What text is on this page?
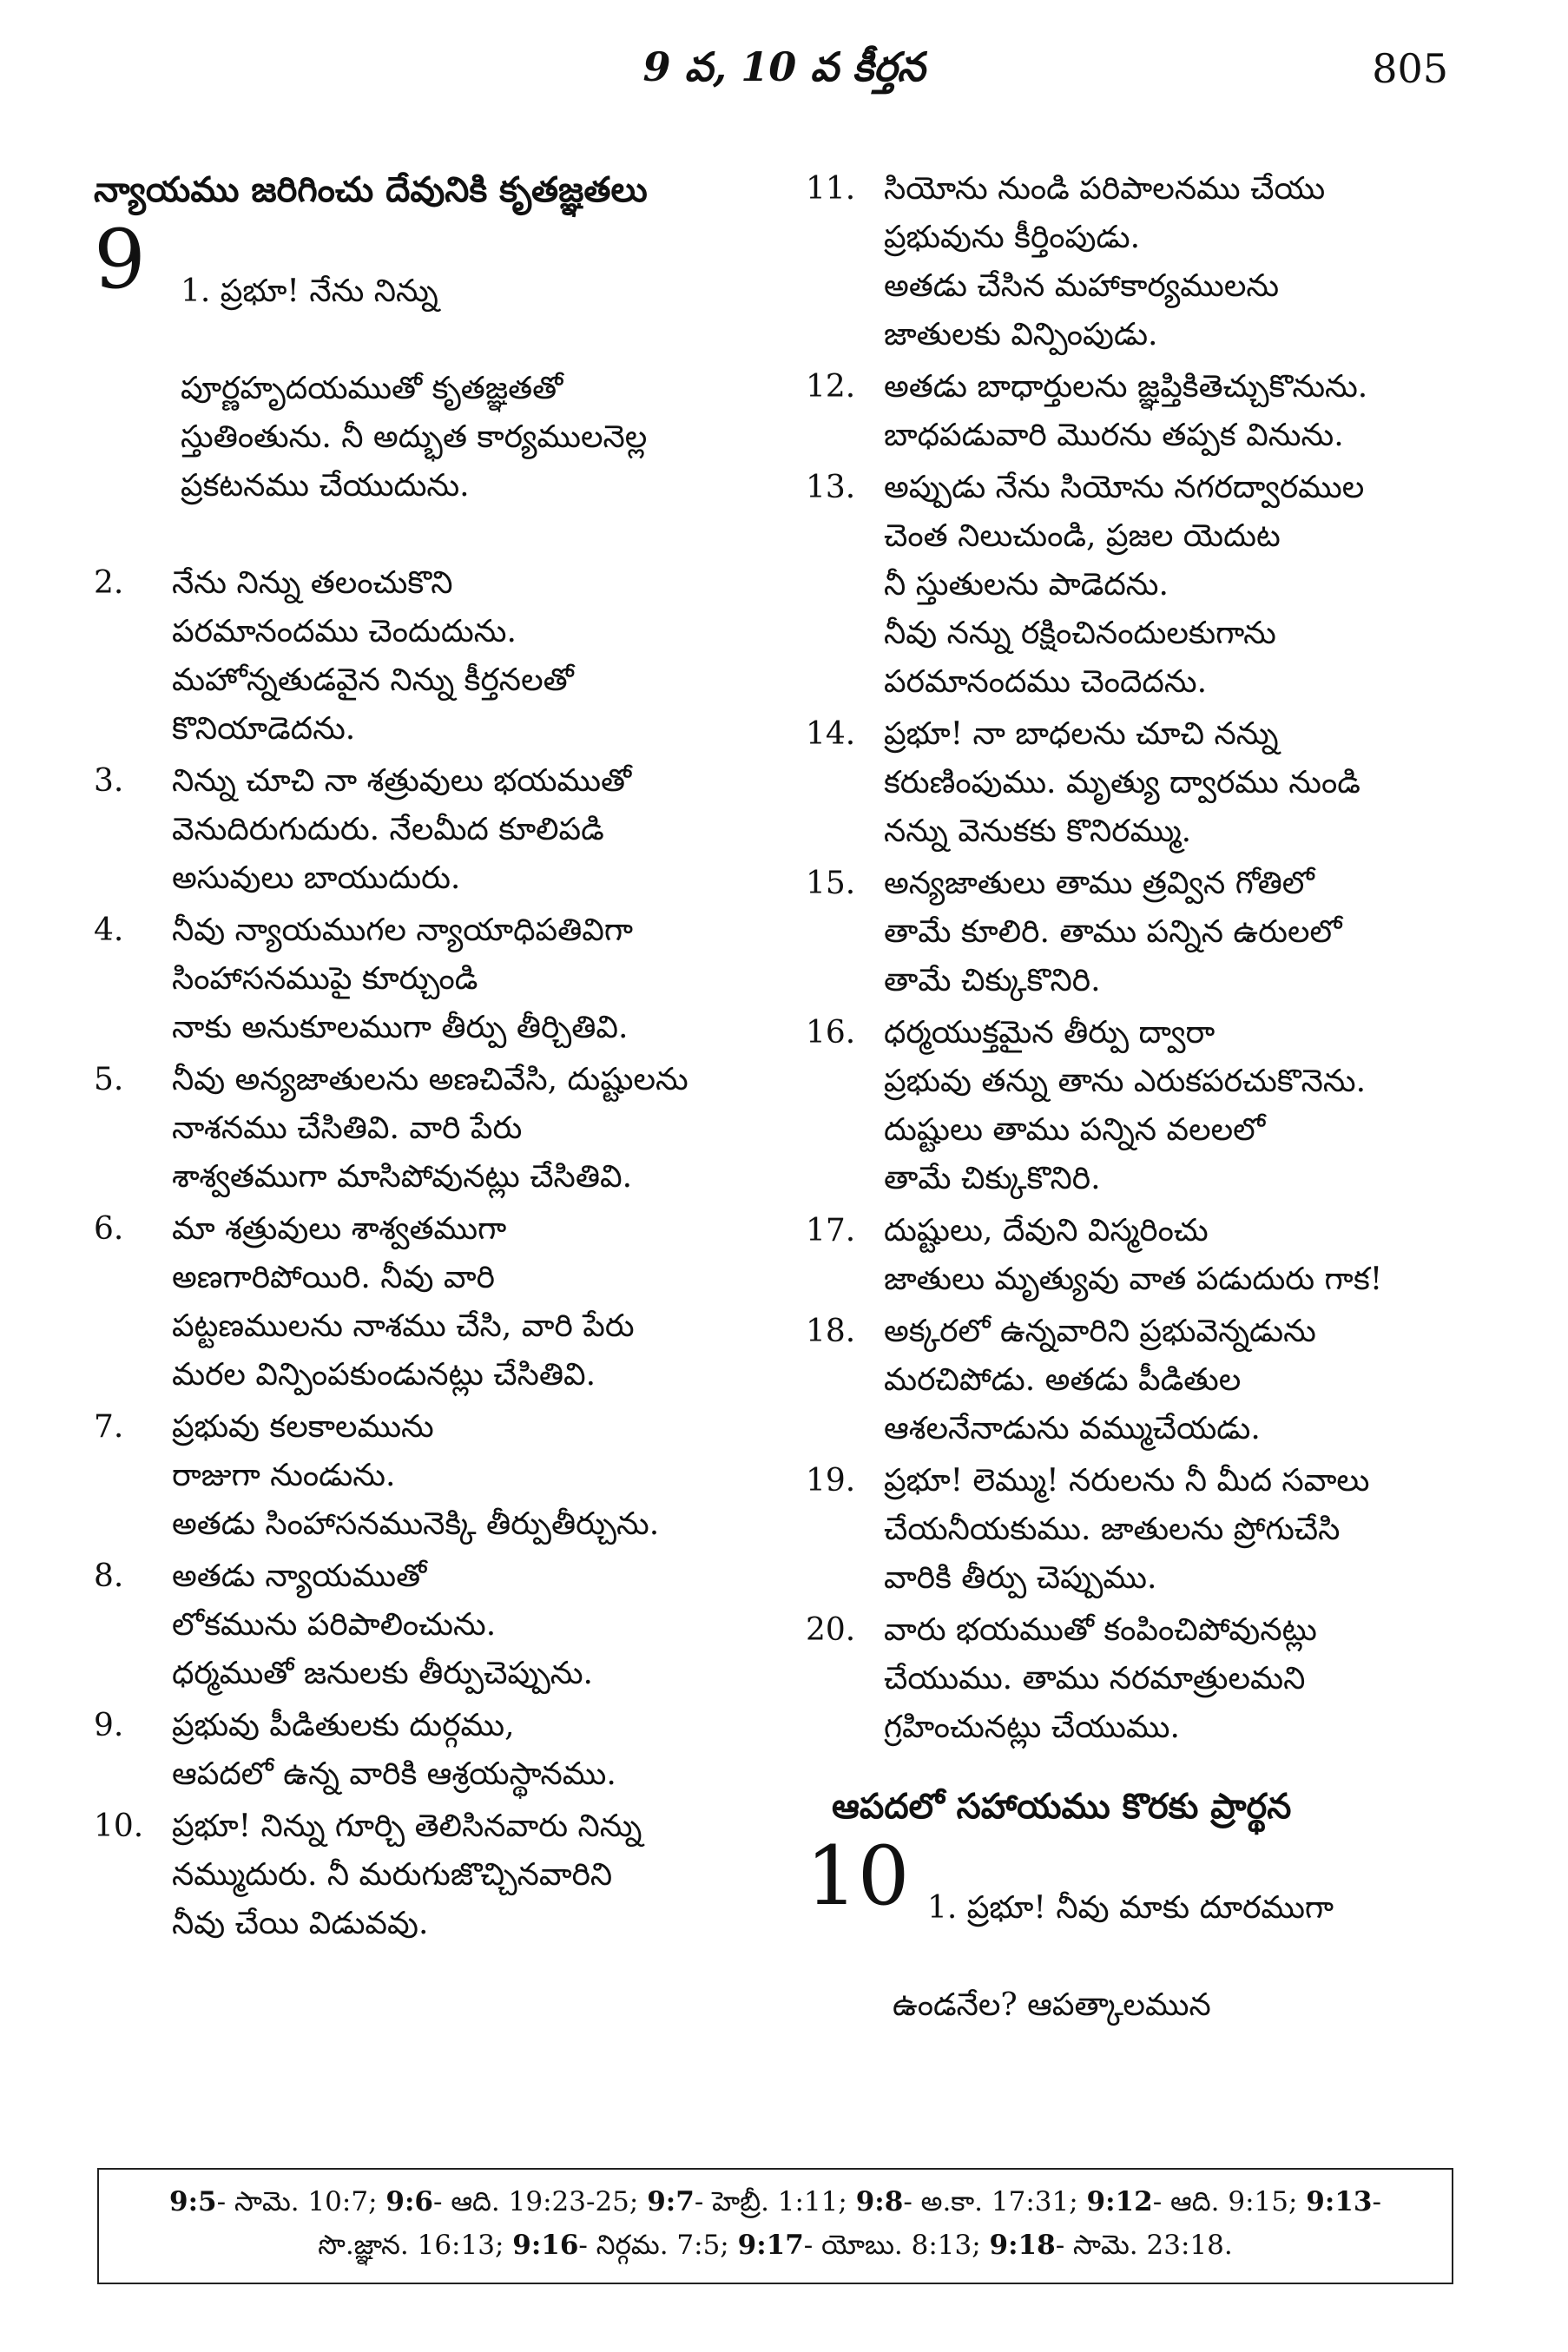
9 వ, 10 వ కీర్తన	805
న్యాయము జరిగించు దేవునికి కృతజ్ఞతలు
9	1. ప్రభూ! నేను నిన్ను

పూర్ణహృదయముతో కృతజ్ఞతతో
స్తుతింతును. నీ అద్భుత కార్యములనెల్ల
ప్రకటనము చేయుదును.

2.	నేను నిన్ను తలంచుకొని
పరమానందము చెందుదును.
మహోన్నతుడవైన నిన్ను కీర్తనలతో
కొనియాడెదను.
3.	నిన్ను చూచి నా శత్రువులు భయముతో
వెనుదిరుగుదురు. నేలమీద కూలిపడి
అసువులు బాయుదురు.
4.	నీవు న్యాయముగల న్యాయాధిపతివిగా
సింహాసనముపై కూర్చుండి
నాకు అనుకూలముగా తీర్పు తీర్చితివి.
5.	నీవు అన్యజాతులను అణచివేసి, దుష్టులను
నాశనము చేసితివి. వారి పేరు
శాశ్వతముగా మాసిపోవునట్లు చేసితివి.
6.	మా శత్రువులు శాశ్వతముగా
అణగారిపోయిరి. నీవు వారి
పట్టణములను నాశము చేసి, వారి పేరు
మరల విన్పింపకుండునట్లు చేసితివి.
7.	ప్రభువు కలకాలమును
రాజుగా నుండును.
అతడు సింహాసనమునెక్కి తీర్పుతీర్చును.
8.	అతడు న్యాయముతో
లోకమును పరిపాలించును.
ధర్మముతో జనులకు తీర్పుచెప్పును.
9.	ప్రభువు పీడితులకు దుర్గము,
ఆపదలో ఉన్న వారికి ఆశ్రయస్థానము.
10. ప్రభూ! నిన్ను గూర్చి తెలిసినవారు నిన్ను
నమ్ముదురు. నీ మరుగుజొచ్చినవారిని
నీవు చేయి విడువవు.
11. సియోను నుండి పరిపాలనము చేయు
ప్రభువును కీర్తింపుడు.
అతడు చేసిన మహాకార్యములను
జాతులకు విన్పింపుడు.
12. అతడు బాధార్తులను జ్ఞప్తికితెచ్చుకొనును.
బాధపడువారి మొరను తప్పక వినును.
13. అప్పుడు నేను సియోను నగరద్వారముల
చెంత నిలుచుండి, ప్రజల యెదుట
నీ స్తుతులను పాడెదను.
నీవు నన్ను రక్షించినందులకుగాను
పరమానందము చెందెదను.
14. ప్రభూ! నా బాధలను చూచి నన్ను
కరుణింపుము. మృత్యు ద్వారము నుండి
నన్ను వెనుకకు కొనిరమ్ము.
15. అన్యజాతులు తాము త్రవ్విన గోతిలో
తామే కూలిరి. తాము పన్నిన ఉరులలో
తామే చిక్కుకొనిరి.
16. ధర్మయుక్తమైన తీర్పు ద్వారా
ప్రభువు తన్ను తాను ఎరుకపరచుకొనెను.
దుష్టులు తాము పన్నిన వలలలో
తామే చిక్కుకొనిరి.
17. దుష్టులు, దేవుని విస్మరించు
జాతులు మృత్యువు వాత పడుదురు గాక!
18. అక్కరలో ఉన్నవారిని ప్రభువెన్నడును
మరచిపోడు. అతడు పీడితుల
ఆశలనేనాడును వమ్ముచేయడు.
19. ప్రభూ! లెమ్ము! నరులను నీ మీద సవాలు
చేయనీయకుము. జాతులను ప్రోగుచేసి
వారికి తీర్పు చెప్పుము.
20. వారు భయముతో కంపించిపోవునట్లు
చేయుము. తాము నరమాత్రులమని
గ్రహించునట్లు చేయుము.
ఆపదలో సహాయము కొరకు ప్రార్థన
10 1. ప్రభూ! నీవు మాకు దూరముగా

ఉండనేల? ఆపత్కాలమున

9:5- సామె. 10:7; 9:6- ఆది. 19:23-25; 9:7- హెబ్రీ. 1:11; 9:8- అ.కా. 17:31; 9:12- ఆది. 9:15; 9:13- సొ.జ్ఞాన. 16:13; 9:16- నిర్గమ. 7:5; 9:17- యోబు. 8:13; 9:18- సామె. 23:18.
